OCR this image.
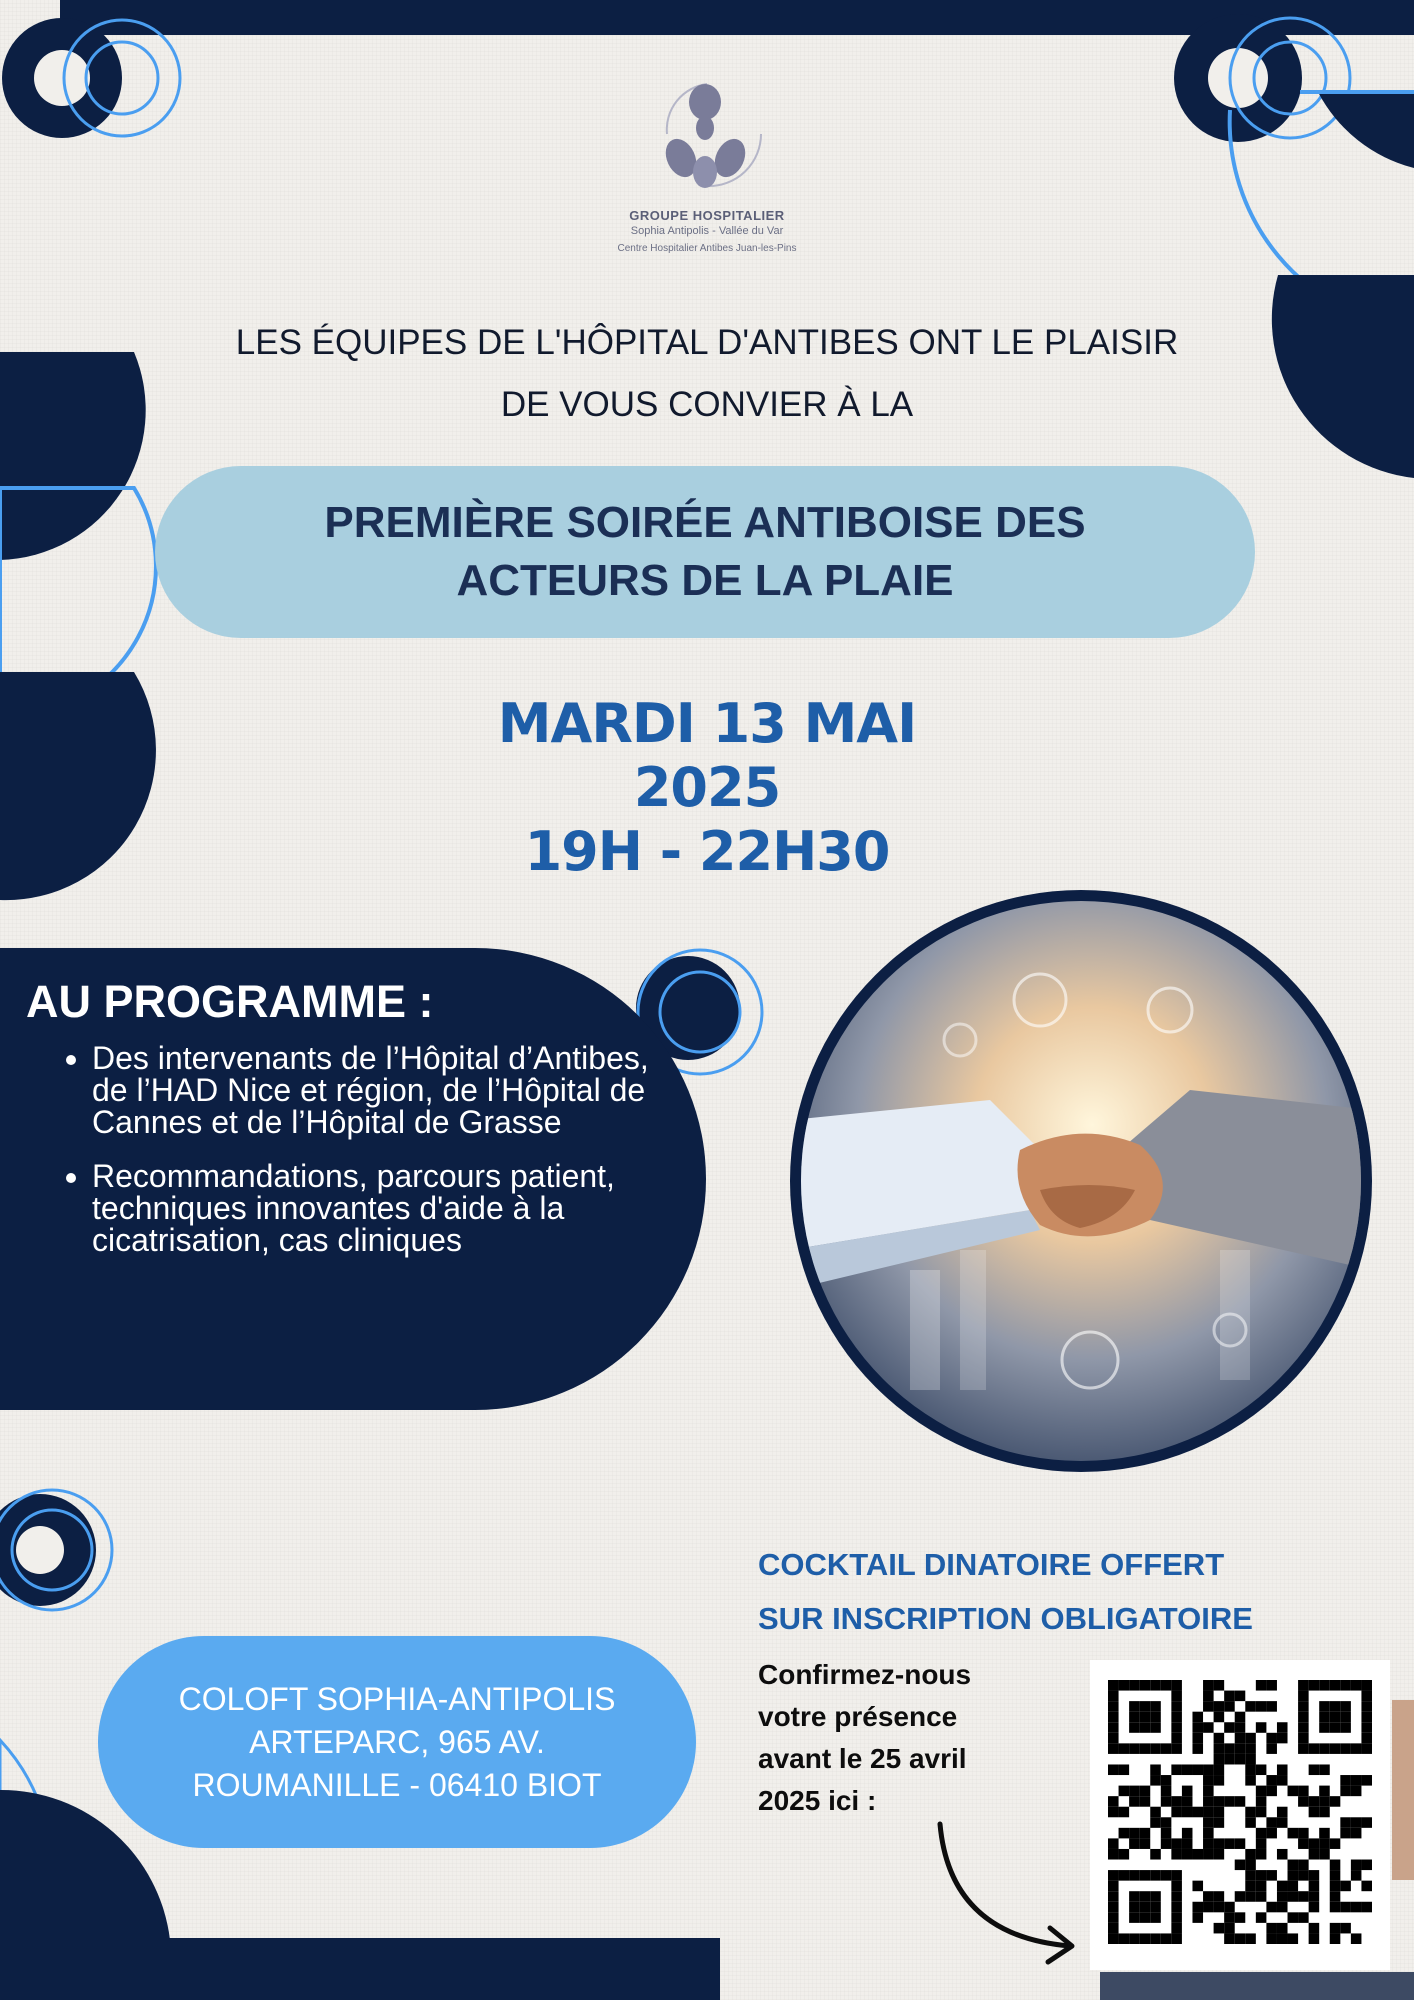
GROUPE HOSPITALIER
Sophia Antipolis - Vallée du Var
Centre Hospitalier Antibes Juan-les-Pins
LES ÉQUIPES DE L'HÔPITAL D'ANTIBES ONT LE PLAISIR
DE VOUS CONVIER À LA
PREMIÈRE SOIRÉE ANTIBOISE DES
ACTEURS DE LA PLAIE
MARDI 13 MAI
2025
19H - 22H30
AU PROGRAMME :
• Des intervenants de l’Hôpital d’Antibes, de l’HAD Nice et région, de l’Hôpital de Cannes et de l’Hôpital de Grasse
• Recommandations, parcours patient, techniques innovantes d'aide à la cicatrisation, cas cliniques
COLOFT SOPHIA-ANTIPOLIS
ARTEPARC, 965 AV.
ROUMANILLE - 06410 BIOT
COCKTAIL DINATOIRE OFFERT
SUR INSCRIPTION OBLIGATOIRE
Confirmez-nous
votre présence
avant le 25 avril
2025 ici :
